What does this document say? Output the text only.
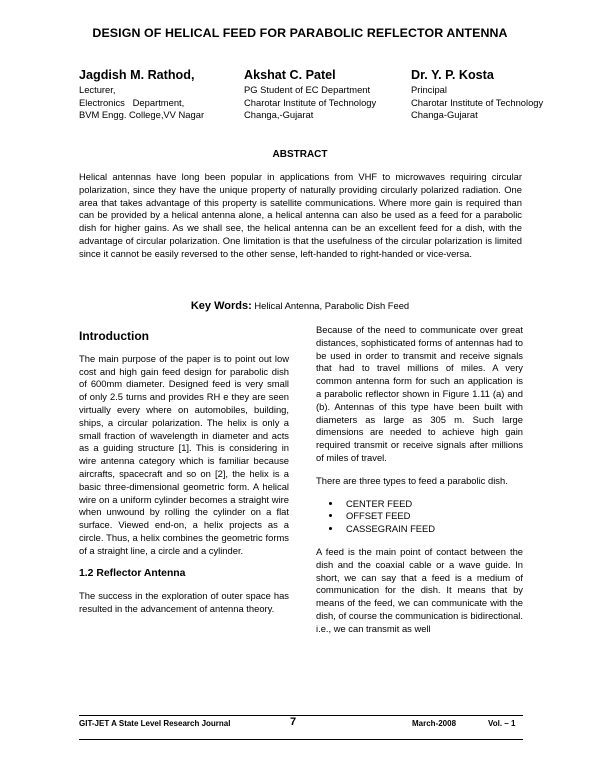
DESIGN OF HELICAL FEED FOR PARABOLIC REFLECTOR ANTENNA
Jagdish M. Rathod,
Lecturer,
Electronics   Department,
BVM Engg. College,VV Nagar
Akshat C. Patel
PG Student of EC Department
Charotar Institute of Technology
Changa,-Gujarat
Dr. Y. P. Kosta
Principal
Charotar Institute of Technology
Changa-Gujarat
ABSTRACT
Helical antennas have long been popular in applications from VHF to microwaves requiring circular polarization, since they have the unique property of naturally providing circularly polarized radiation. One area that takes advantage of this property is satellite communications. Where more gain is required than can be provided by a helical antenna alone, a helical antenna can also be used as a feed for a parabolic dish for higher gains. As we shall see, the helical antenna can be an excellent feed for a dish, with the advantage of circular polarization. One limitation is that the usefulness of the circular polarization is limited since it cannot be easily reversed to the other sense, left-handed to right-handed or vice-versa.
Key Words: Helical Antenna, Parabolic Dish Feed
Introduction

The main purpose of the paper is to point out low cost and high gain feed design for parabolic dish of 600mm diameter. Designed feed is very small of only 2.5 turns and provides RH e they are seen virtually every where on automobiles, building, ships, a circular polarization. The helix is only a small fraction of wavelength in diameter and acts as a guiding structure [1]. This is considering in wire antenna category which is familiar because aircrafts, spacecraft and so on [2], the helix is a basic three-dimensional geometric form. A helical wire on a uniform cylinder becomes a straight wire when unwound by rolling the cylinder on a flat surface. Viewed end-on, a helix projects as a circle. Thus, a helix combines the geometric forms of a straight line, a circle and a cylinder.

1.2 Reflector Antenna

The success in the exploration of outer space has resulted in the advancement of antenna theory.

Because of the need to communicate over great distances, sophisticated forms of antennas had to be used in order to transmit and receive signals that had to travel millions of miles. A very common antenna form for such an application is a parabolic reflector shown in Figure 1.11 (a) and (b). Antennas of this type have been built with diameters as large as 305 m. Such large dimensions are needed to achieve high gain required transmit or receive signals after millions of miles of travel.

There are three types to feed a parabolic dish.

• CENTER FEED
• OFFSET FEED
• CASSEGRAIN FEED

A feed is the main point of contact between the dish and the coaxial cable or a wave guide. In short, we can say that a feed is a medium of communication for the dish. It means that by means of the feed, we can communicate with the dish, of course the communication is bidirectional. i.e., we can transmit as well

GIT-JET A State Level Research Journal	7	March-2008	Vol. – 1
